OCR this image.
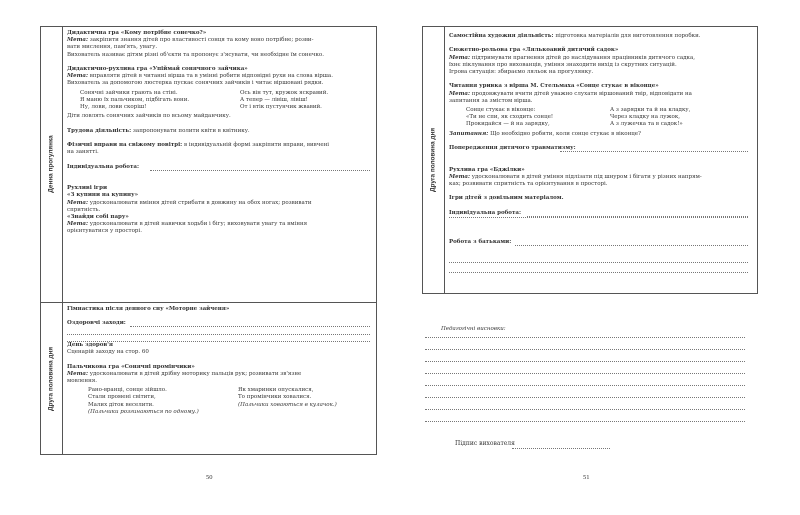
Денна прогулянка
Друга половина дня
Дидактична гра «Кому потрібне сонечко?»
Мета: закріпити знання дітей про властивості сонця та кому воно потрібне; розви-
вати мислення, пам'ять, увагу.
Вихователь називає дітям різні об'єкти та пропонує з'ясувати, чи необхідне їм сонечко.
Дидактично-рухлива гра «Упіймай сонячного зайчика»
Мета: вправляти дітей в читанні вірша та в умінні робити відповідні рухи на слова вірша.
Вихователь за допомогою люстерка пускає сонячних зайчиків і читає віршовані рядки.
Сонячні зайчики грають на стіні.	Ось він тут, кружок яскравий.
Я маню їх пальчиком, підбігать вони.	А тепер — лівіш, лівіш!
Ну, лови, лови скоріш!	От і втік пустунчик жвавий.
Діти ловлять сонячних зайчиків по всьому майданчику.
Трудова діяльність: запропонувати полити квіти в квітнику.
Фізичні вправи на свіжому повітрі: в індивідуальній формі закріпити вправи, вивчені
на занятті.
Індивідуальна робота:
Рухливі ігри
«З купини на купину»
Мета: удосконалювати вміння дітей стрибати в довжину на обох ногах; розвивати
спритність.
«Знайди собі пару»
Мета: удосконалювати в дітей навички ходьби і бігу; виховувати увагу та вміння
орієнтуватися у просторі.
Гімнастика після денного сну «Моторне зайченя»
Оздоровчі заходи:
День здоров'я
Сценарій заходу на стор. 60
Пальчикова гра «Сонячні промінчики»
Мета: удосконалювати в дітей дрібну моторику пальців рук; розвивати зв'язне
мовлення.
Рано-вранці, сонце зійшло.	Як хмаринки опускалися,
Стали промені світити,	То промінчики ховалися.
Малих діток веселити.	(Пальчики ховаються в кулачок.)
(Пальчики розгинаються по одному.)
50
Друга половина дня
Самостійна художня діяльність: підготовка матеріалів для виготовлення поробки.
Сюжетно-рольова гра «Лялькоавий дитячий садок»
Мета: підтримувати прагнення дітей до наслідування працівників дитячого садка,
їхнє піклування про вихованців, уміння знаходити вихід із скрутних ситуацій.
Ігрова ситуація: збираємо ляльок на прогулянку.
Читання уривка з вірша М. Стельмаха «Сонце стукає в віконце»
Мета: продовжувати вчити дітей уважно слухати віршований твір, відповідати на
запитання за змістом вірша.
Сонце стукає в віконце:	А з зарядки та й на кладку,
«Ти не спи, як сходить сонце!	Через кладку на лужок,
Прокидайся — й на зарядку,	А з лужечка та в садок!»
Запитання: Що необхідно робити, коли сонце стукає в віконце?
Попередження дитячого травматизму:
Рухлива гра «Бджілки»
Мета: удосконалювати в дітей уміння підлізати під шнуром і бігати у різних напрям-
ках; розвивати спритність та орієнтування в просторі.
Ігри дітей з довільним матеріалом.
Індивідуальна робота:
Робота з батьками:
Педагогічні висновки:
Підпис вихователя
51
